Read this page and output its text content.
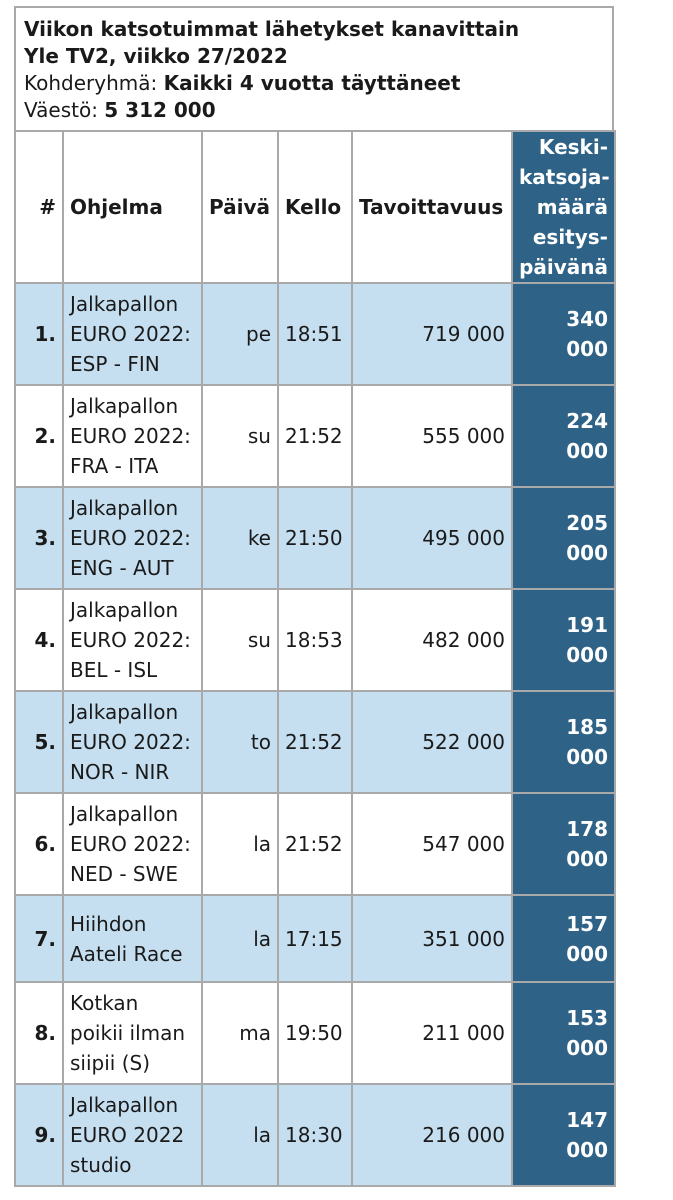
Viikon katsotuimmat lähetykset kanavittain
Yle TV2, viikko 27/2022
Kohderyhmä: Kaikki 4 vuotta täyttäneet
Väestö: 5 312 000
#	Ohjelma	Päivä	Kello	Tavoittavuus	Keski-
katsoja-
määrä
esitys-
päivänä

1.	Jalkapallon
EURO 2022:
ESP - FIN	pe	18:51	719 000	340 000
2.	Jalkapallon
EURO 2022:
FRA - ITA	su	21:52	555 000	224 000
3.	Jalkapallon
EURO 2022:
ENG - AUT	ke	21:50	495 000	205 000
4.	Jalkapallon
EURO 2022:
BEL - ISL	su	18:53	482 000	191 000
5.	Jalkapallon
EURO 2022:
NOR - NIR	to	21:52	522 000	185 000
6.	Jalkapallon
EURO 2022:
NED - SWE	la	21:52	547 000	178 000
7.	Hiihdon
Aateli Race	la	17:15	351 000	157 000
8.	Kotkan
poikii ilman
siipii (S)	ma	19:50	211 000	153 000
9.	Jalkapallon
EURO 2022
studio	la	18:30	216 000	147 000
